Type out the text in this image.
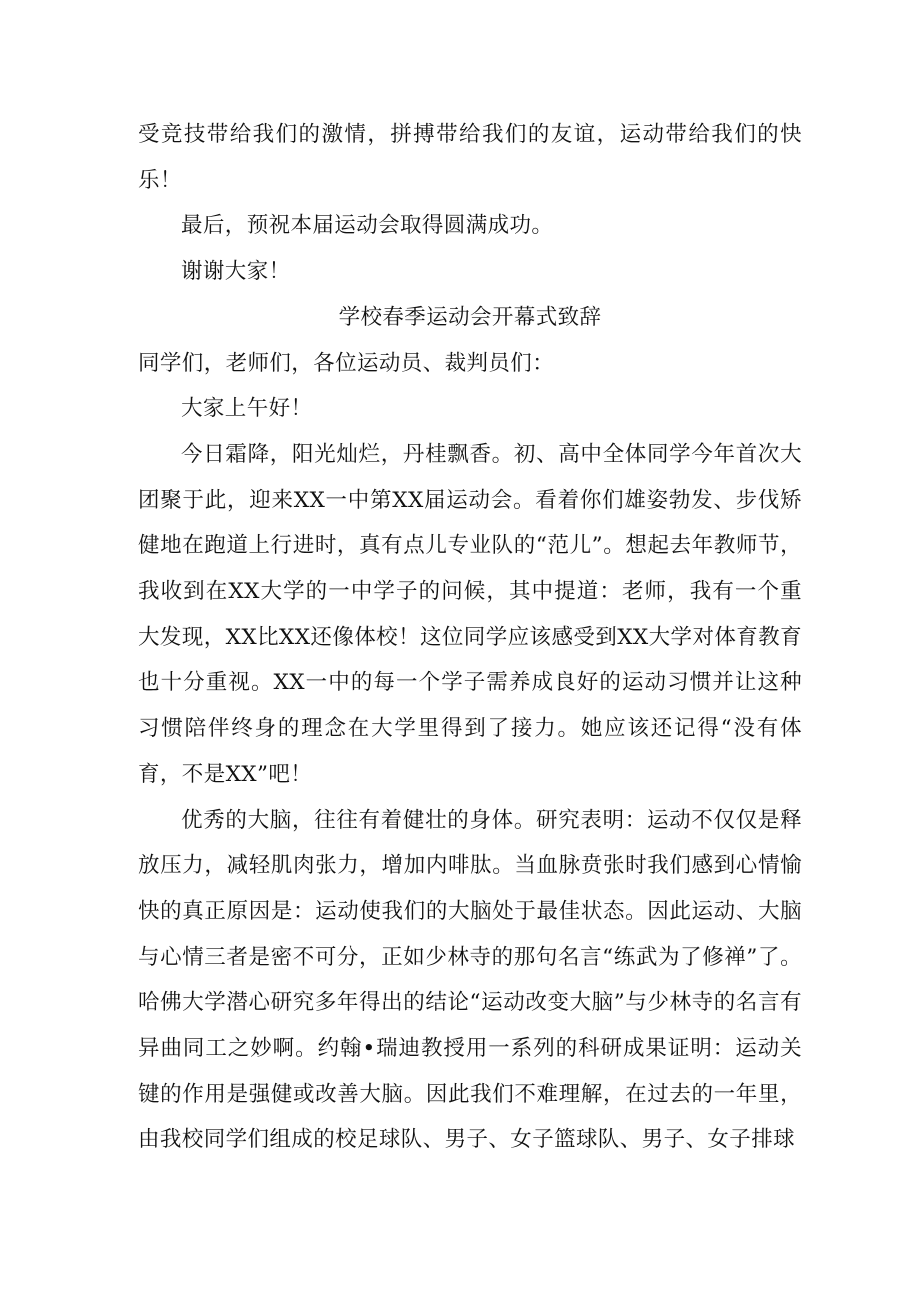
受竞技带给我们的激情，拼搏带给我们的友谊，运动带给我们的快乐！

最后，预祝本届运动会取得圆满成功。

谢谢大家！

学校春季运动会开幕式致辞

同学们，老师们，各位运动员、裁判员们：

大家上午好！

今日霜降，阳光灿烂，丹桂飘香。初、高中全体同学今年首次大团聚于此，迎来XX一中第XX届运动会。看着你们雄姿勃发、步伐矫健地在跑道上行进时，真有点儿专业队的“范儿”。想起去年教师节，我收到在XX大学的一中学子的问候，其中提道：老师，我有一个重大发现，XX比XX还像体校！这位同学应该感受到XX大学对体育教育也十分重视。XX一中的每一个学子需养成良好的运动习惯并让这种习惯陪伴终身的理念在大学里得到了接力。她应该还记得“没有体育，不是XX”吧！

优秀的大脑，往往有着健壮的身体。研究表明：运动不仅仅是释放压力，减轻肌肉张力，增加内啡肽。当血脉贲张时我们感到心情愉快的真正原因是：运动使我们的大脑处于最佳状态。因此运动、大脑与心情三者是密不可分，正如少林寺的那句名言“练武为了修禅”了。哈佛大学潜心研究多年得出的结论“运动改变大脑”与少林寺的名言有异曲同工之妙啊。约翰•瑞迪教授用一系列的科研成果证明：运动关键的作用是强健或改善大脑。因此我们不难理解，在过去的一年里，由我校同学们组成的校足球队、男子、女子篮球队、男子、女子排球
